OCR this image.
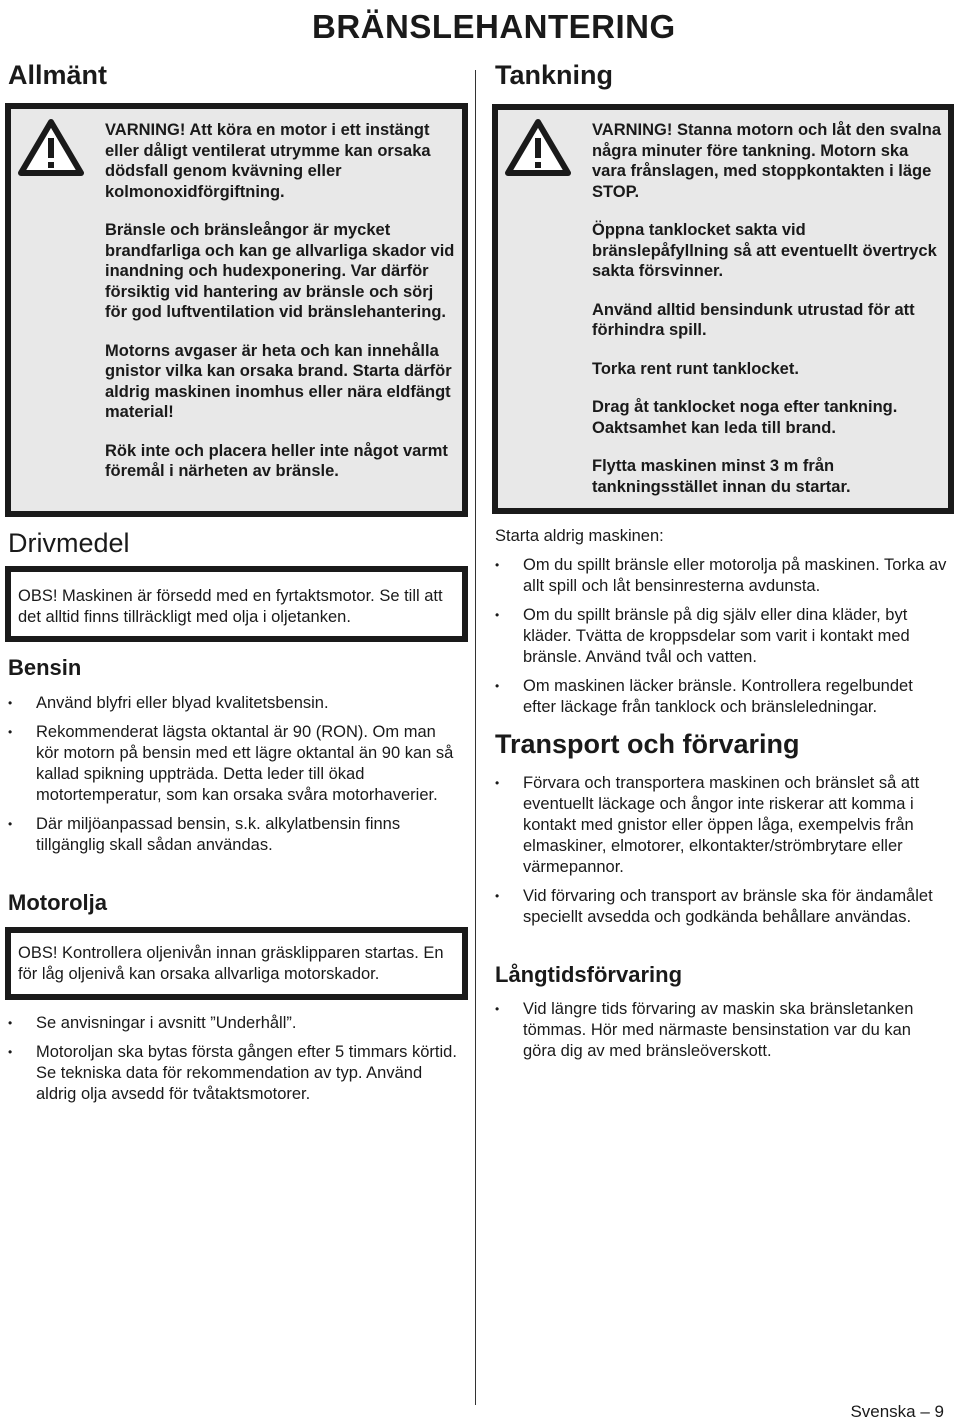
BRÄNSLEHANTERING
Allmänt

VARNING! Att köra en motor i ett instängt eller dåligt ventilerat utrymme kan orsaka dödsfall genom kvävning eller kolmonoxidförgiftning.

Bränsle och bränsleångor är mycket brandfarliga och kan ge allvarliga skador vid inandning och hudexponering. Var därför försiktig vid hantering av bränsle och sörj för god luftventilation vid bränslehantering.

Motorns avgaser är heta och kan innehålla gnistor vilka kan orsaka brand. Starta därför aldrig maskinen inomhus eller nära eldfängt material!

Rök inte och placera heller inte något varmt föremål i närheten av bränsle.

Drivmedel

OBS! Maskinen är försedd med en fyrtaktsmotor. Se till att det alltid finns tillräckligt med olja i oljetanken.

Bensin
• Använd blyfri eller blyad kvalitetsbensin.
• Rekommenderat lägsta oktantal är 90 (RON). Om man kör motorn på bensin med ett lägre oktantal än 90 kan så kallad spikning uppträda. Detta leder till ökad motortemperatur, som kan orsaka svåra motorhaverier.
• Där miljöanpassad bensin, s.k. alkylatbensin finns tillgänglig skall sådan användas.
Motorolja

OBS! Kontrollera oljenivån innan gräsklipparen startas. En för låg oljenivå kan orsaka allvarliga motorskador.

• Se anvisningar i avsnitt ”Underhåll”.
• Motoroljan ska bytas första gången efter 5 timmars körtid. Se tekniska data för rekommendation av typ. Använd aldrig olja avsedd för tvåtaktsmotorer.
Tankning

VARNING! Stanna motorn och låt den svalna några minuter före tankning. Motorn ska vara frånslagen, med stoppkontakten i läge STOP.

Öppna tanklocket sakta vid bränslepåfyllning så att eventuellt övertryck sakta försvinner.

Använd alltid bensindunk utrustad för att förhindra spill.

Torka rent runt tanklocket.

Drag åt tanklocket noga efter tankning. Oaktsamhet kan leda till brand.

Flytta maskinen minst 3 m från tankningsstället innan du startar.

Starta aldrig maskinen:

• Om du spillt bränsle eller motorolja på maskinen. Torka av allt spill och låt bensinresterna avdunsta.
• Om du spillt bränsle på dig själv eller dina kläder, byt kläder. Tvätta de kroppsdelar som varit i kontakt med bränsle. Använd tvål och vatten.
• Om maskinen läcker bränsle. Kontrollera regelbundet efter läckage från tanklock och bränsleledningar.
Transport och förvaring
• Förvara och transportera maskinen och bränslet så att eventuellt läckage och ångor inte riskerar att komma i kontakt med gnistor eller öppen låga, exempelvis från elmaskiner, elmotorer, elkontakter/strömbrytare eller värmepannor.
• Vid förvaring och transport av bränsle ska för ändamålet speciellt avsedda och godkända behållare användas.
Långtidsförvaring
• Vid längre tids förvaring av maskin ska bränsletanken tömmas. Hör med närmaste bensinstation var du kan göra dig av med bränsleöverskott.
Svenska – 9
